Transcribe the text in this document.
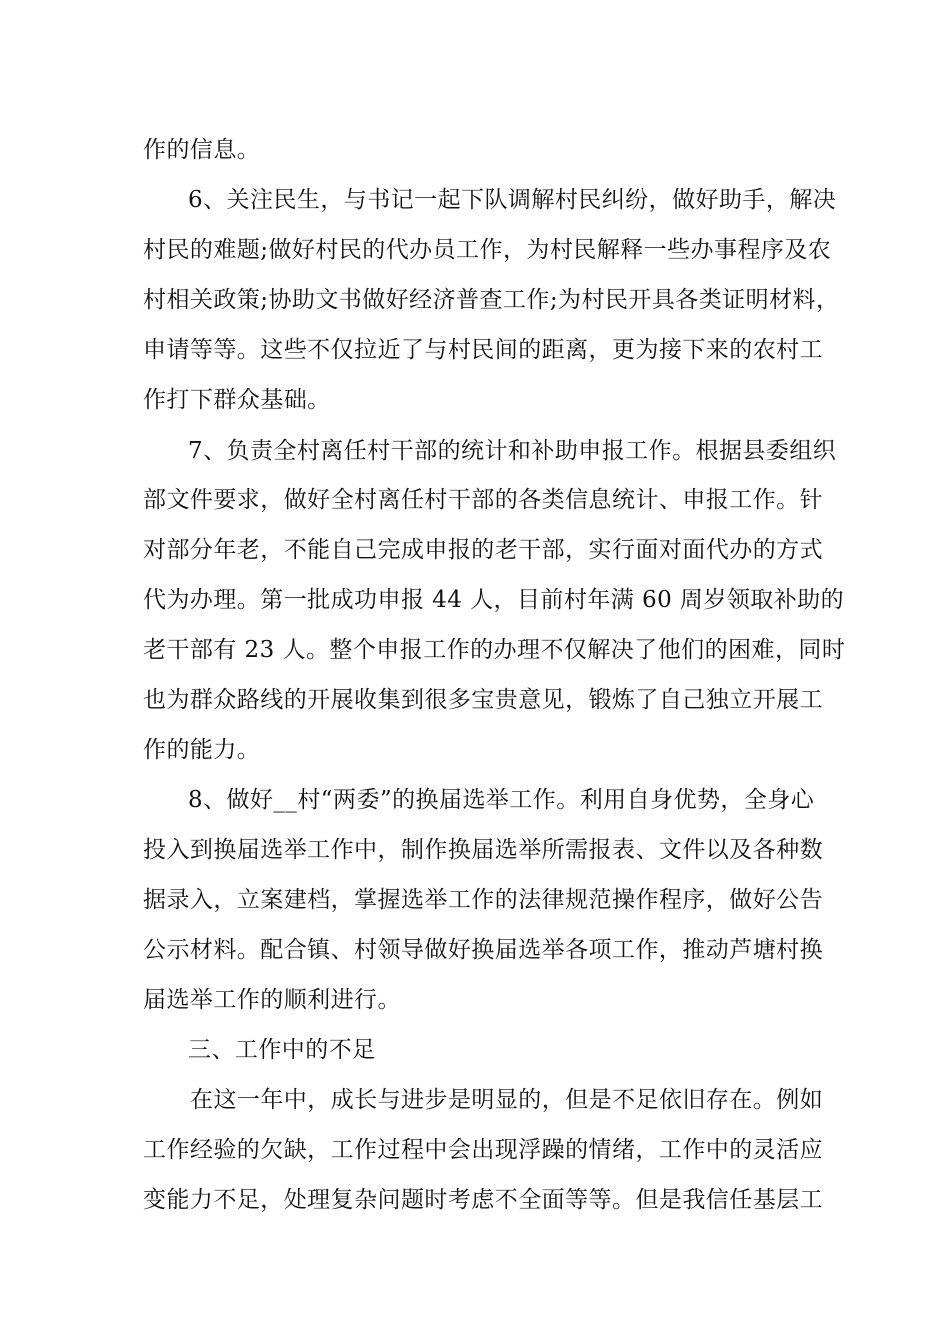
作的信息。
6、关注民生，与书记一起下队调解村民纠纷，做好助手，解决
村民的难题;做好村民的代办员工作，为村民解释一些办事程序及农
村相关政策;协助文书做好经济普查工作;为村民开具各类证明材料，
申请等等。这些不仅拉近了与村民间的距离，更为接下来的农村工
作打下群众基础。
7、负责全村离任村干部的统计和补助申报工作。根据县委组织
部文件要求，做好全村离任村干部的各类信息统计、申报工作。针
对部分年老，不能自己完成申报的老干部，实行面对面代办的方式
代为办理。第一批成功申报 44 人，目前村年满 60 周岁领取补助的
老干部有 23 人。整个申报工作的办理不仅解决了他们的困难，同时
也为群众路线的开展收集到很多宝贵意见，锻炼了自己独立开展工
作的能力。
8、做好__村“两委”的换届选举工作。利用自身优势，全身心
投入到换届选举工作中，制作换届选举所需报表、文件以及各种数
据录入，立案建档，掌握选举工作的法律规范操作程序，做好公告
公示材料。配合镇、村领导做好换届选举各项工作，推动芦塘村换
届选举工作的顺利进行。
三、工作中的不足
在这一年中，成长与进步是明显的，但是不足依旧存在。例如
工作经验的欠缺，工作过程中会出现浮躁的情绪，工作中的灵活应
变能力不足，处理复杂问题时考虑不全面等等。但是我信任基层工
